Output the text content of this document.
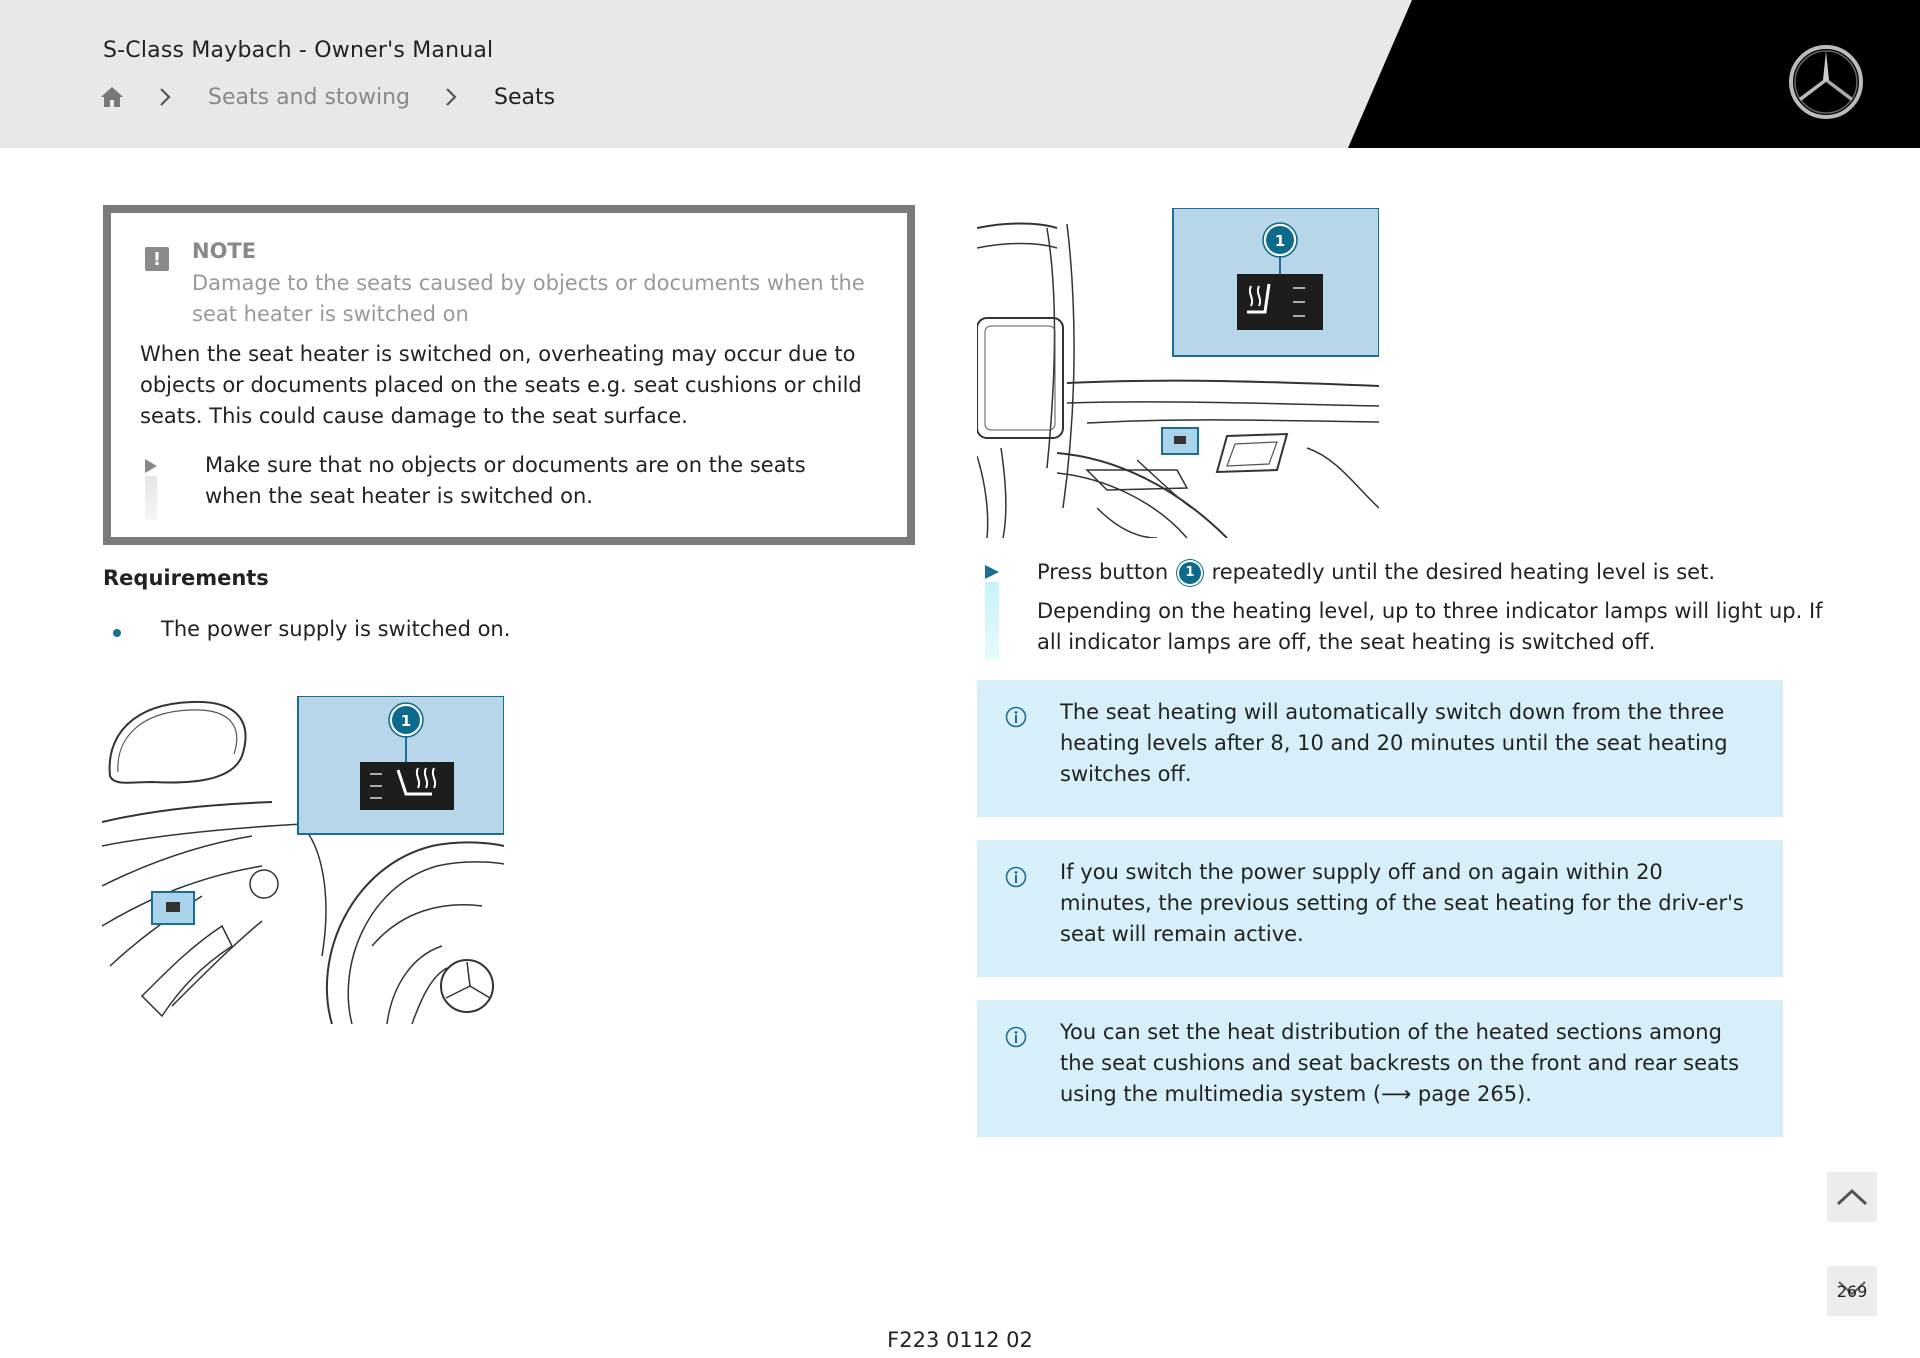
S-Class Maybach - Owner's Manual
Seats and stowing	Seats
!	NOTE
Damage to the seats caused by objects or documents when the seat heater is switched on
When the seat heater is switched on, overheating may occur due to objects or documents placed on the seats e.g. seat cushions or child seats. This could cause damage to the seat surface.
Make sure that no objects or documents are on the seats when the seat heater is switched on.
Requirements
The power supply is switched on.
1
1
Press button 1 repeatedly until the desired heating level is set.
Depending on the heating level, up to three indicator lamps will light up. If all indicator lamps are off, the seat heating is switched off.
The seat heating will automatically switch down from the three heating levels after 8, 10 and 20 minutes until the seat heating switches off.
If you switch the power supply off and on again within 20 minutes, the previous setting of the seat heating for the driv-er's seat will remain active.
You can set the heat distribution of the heated sections among the seat cushions and seat backrests on the front and rear seats using the multimedia system (⟶ page 265).
269
F223 0112 02
